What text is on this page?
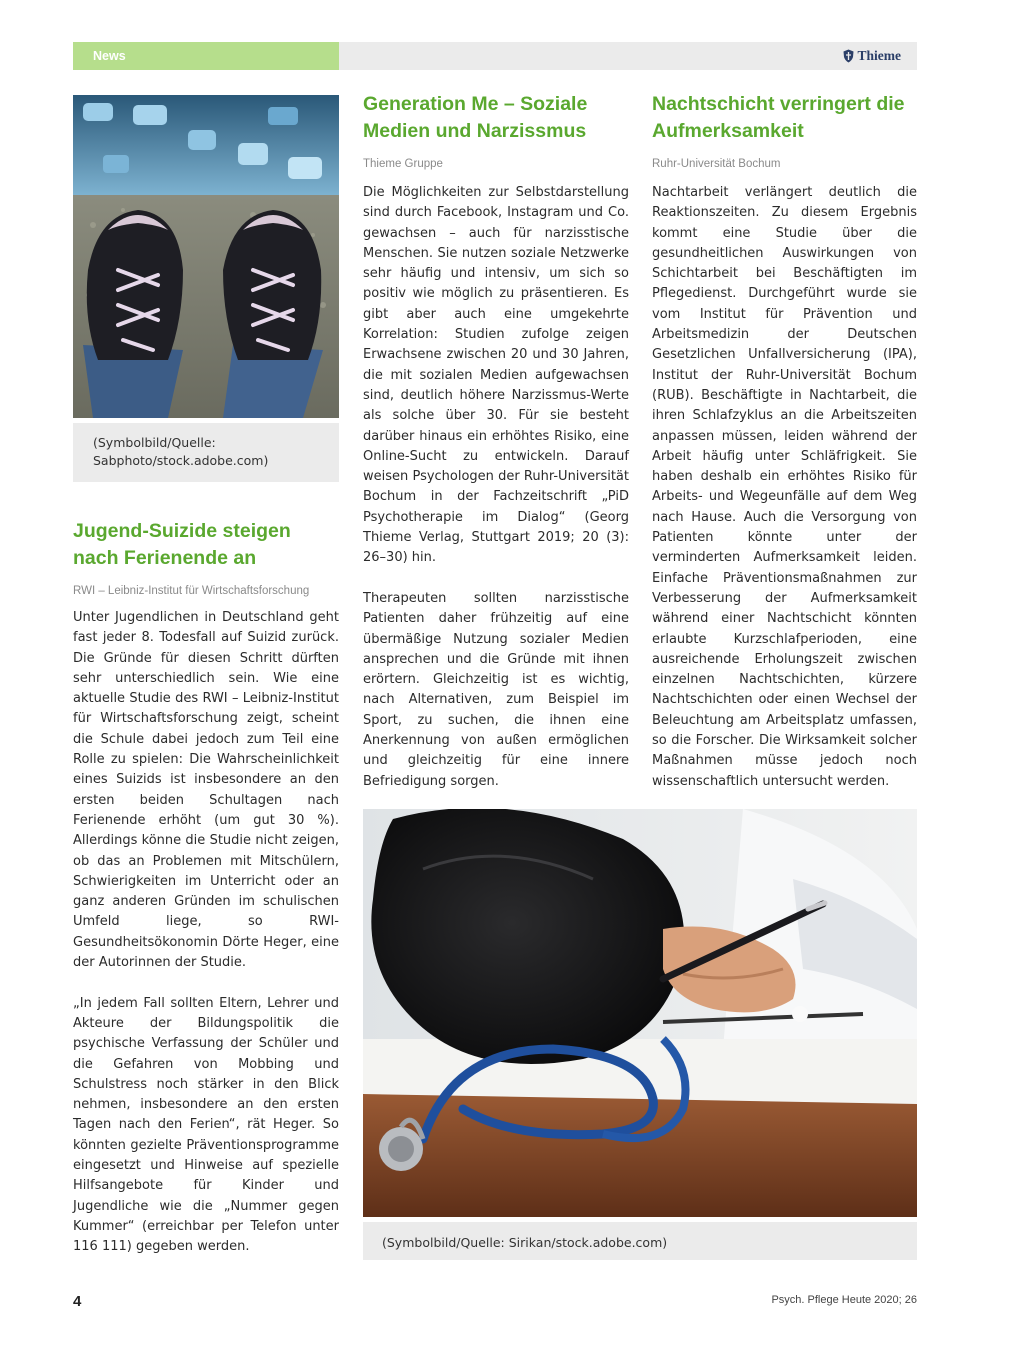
News	Thieme
(Symbolbild/Quelle: Sabphoto/stock.adobe.com)
Jugend-Suizide steigen nach Ferienende an
RWI – Leibniz-Institut für Wirtschaftsforschung

Unter Jugendlichen in Deutschland geht fast jeder 8. Todesfall auf Suizid zurück. Die Gründe für diesen Schritt dürften sehr unterschiedlich sein. Wie eine aktuelle Studie des RWI – Leibniz-Institut für Wirtschaftsforschung zeigt, scheint die Schule dabei jedoch zum Teil eine Rolle zu spielen: Die Wahrscheinlichkeit eines Suizids ist insbesondere an den ersten beiden Schultagen nach Ferienende erhöht (um gut 30 %). Allerdings könne die Studie nicht zeigen, ob das an Problemen mit Mitschülern, Schwierigkeiten im Unterricht oder an ganz anderen Gründen im schulischen Umfeld liege, so RWI-Gesundheitsökonomin Dörte Heger, eine der Autorinnen der Studie.

„In jedem Fall sollten Eltern, Lehrer und Akteure der Bildungspolitik die psychische Verfassung der Schüler und die Gefahren von Mobbing und Schulstress noch stärker in den Blick nehmen, insbesondere an den ersten Tagen nach den Ferien“, rät Heger. So könnten gezielte Präventionsprogramme eingesetzt und Hinweise auf spezielle Hilfsangebote für Kinder und Jugendliche wie die „Nummer gegen Kummer“ (erreichbar per Telefon unter 116 111) gegeben werden.

Generation Me – Soziale Medien und Narzissmus
Thieme Gruppe

Die Möglichkeiten zur Selbstdarstellung sind durch Facebook, Instagram und Co. gewachsen – auch für narzisstische Menschen. Sie nutzen soziale Netzwerke sehr häufig und intensiv, um sich so positiv wie möglich zu präsentieren. Es gibt aber auch eine umgekehrte Korrelation: Studien zufolge zeigen Erwachsene zwischen 20 und 30 Jahren, die mit sozialen Medien aufgewachsen sind, deutlich höhere Narzissmus-Werte als solche über 30. Für sie besteht darüber hinaus ein erhöhtes Risiko, eine Online-Sucht zu entwickeln. Darauf weisen Psychologen der Ruhr-Universität Bochum in der Fachzeitschrift „PiD Psychotherapie im Dialog“ (Georg Thieme Verlag, Stuttgart 2019; 20 (3): 26–30) hin.

Therapeuten sollten narzisstische Patienten daher frühzeitig auf eine übermäßige Nutzung sozialer Medien ansprechen und die Gründe mit ihnen erörtern. Gleichzeitig ist es wichtig, nach Alternativen, zum Beispiel im Sport, zu suchen, die ihnen eine Anerkennung von außen ermöglichen und gleichzeitig für eine innere Befriedigung sorgen.

Nachtschicht verringert die Aufmerksamkeit
Ruhr-Universität Bochum

Nachtarbeit verlängert deutlich die Reaktionszeiten. Zu diesem Ergebnis kommt eine Studie über die gesundheitlichen Auswirkungen von Schichtarbeit bei Beschäftigten im Pflegedienst. Durchgeführt wurde sie vom Institut für Prävention und Arbeitsmedizin der Deutschen Gesetzlichen Unfallversicherung (IPA), Institut der Ruhr-Universität Bochum (RUB). Beschäftigte in Nachtarbeit, die ihren Schlafzyklus an die Arbeitszeiten anpassen müssen, leiden während der Arbeit häufig unter Schläfrigkeit. Sie haben deshalb ein erhöhtes Risiko für Arbeits- und Wegeunfälle auf dem Weg nach Hause. Auch die Versorgung von Patienten könnte unter der verminderten Aufmerksamkeit leiden. Einfache Präventionsmaßnahmen zur Verbesserung der Aufmerksamkeit während einer Nachtschicht könnten erlaubte Kurzschlafperioden, eine ausreichende Erholungszeit zwischen einzelnen Nachtschichten, kürzere Nachtschichten oder einen Wechsel der Beleuchtung am Arbeitsplatz umfassen, so die Forscher. Die Wirksamkeit solcher Maßnahmen müsse jedoch noch wissenschaftlich untersucht werden.

(Symbolbild/Quelle: Sirikan/stock.adobe.com)
4	Psych. Pflege Heute 2020; 26
